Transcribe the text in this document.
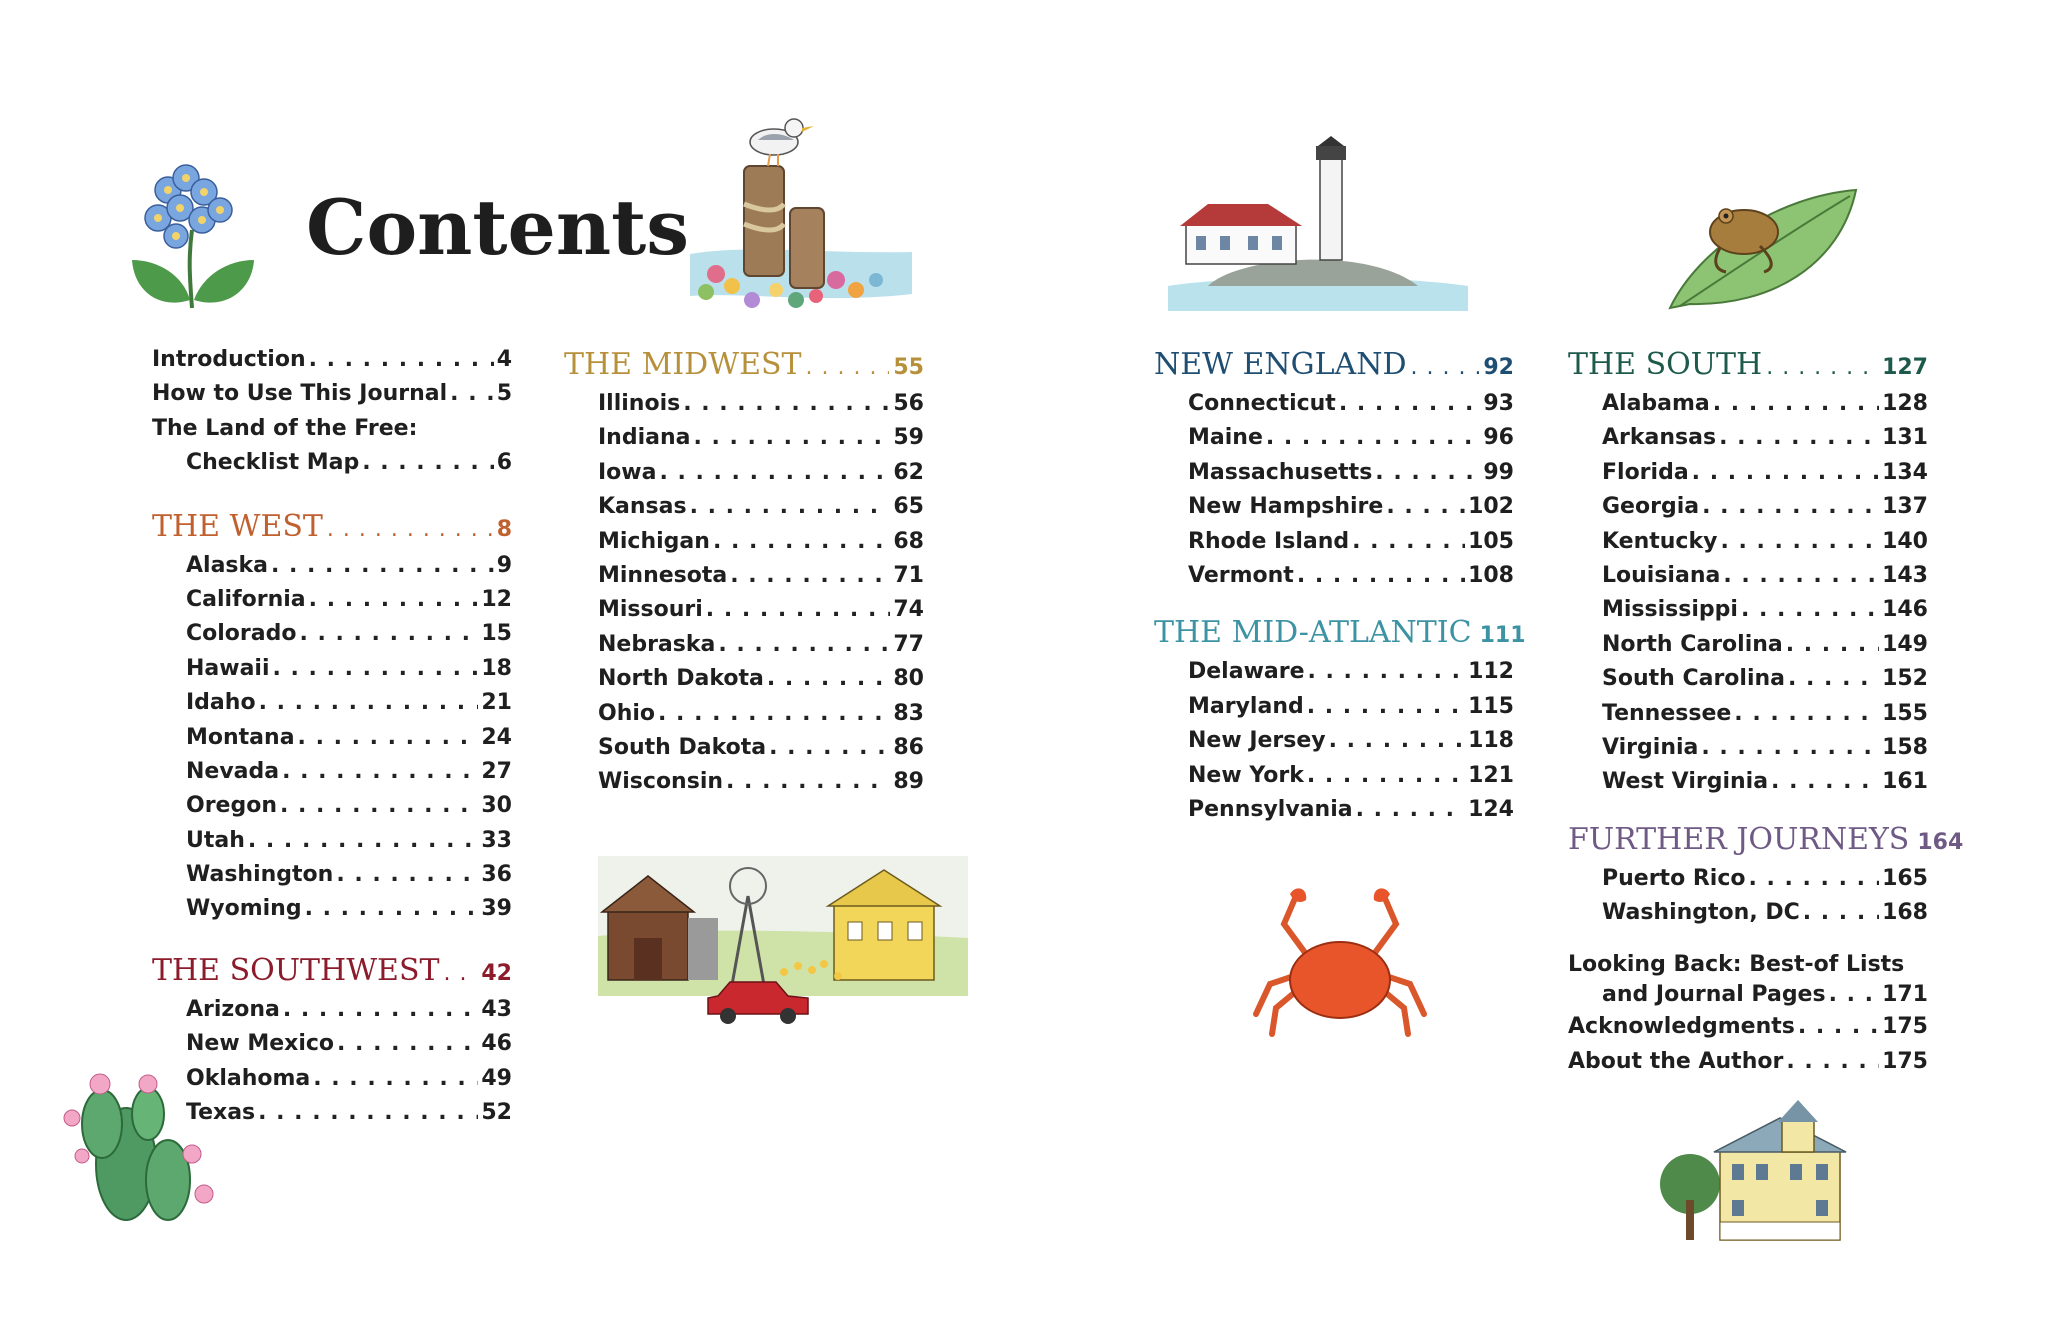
Contents
Introduction . . .	4
How to Use This Journal . . . 5
The Land of the Free:
Checklist Map . . .	6
THE WEST . . .	8
Alaska . . .	9
California . . .	12
Colorado . . .	15
Hawaii . . .	18
Idaho . . .	21
Montana . . .	24
Nevada . . .	27
Oregon . . .	30
Utah . . .	33
Washington . . .	36
Wyoming . . .	39
THE SOUTHWEST . . . 42
Arizona . . .	43
New Mexico . . .	46
Oklahoma . . .	49
Texas . . .	52
THE MIDWEST . . .	55
Illinois . . .	56
Indiana . . .	59
Iowa . . .	62
Kansas . . .	65
Michigan . . .	68
Minnesota . . .	71
Missouri . . .	74
Nebraska . . .	77
North Dakota . . .	80
Ohio . . .	83
South Dakota . . .	86
Wisconsin . . .	89
NEW ENGLAND . . .	92
Connecticut . . .	93
Maine . . .	96
Massachusetts . . .	99
New Hampshire . . .	102
Rhode Island . . .	105
Vermont . . .	108
THE MID-ATLANTIC 111
Delaware . . .	112
Maryland . . .	115
New Jersey . . .	118
New York . . .	121
Pennsylvania . . .	124
THE SOUTH . . .	127
Alabama . . .	128
Arkansas . . .	131
Florida . . .	134
Georgia . . .	137
Kentucky . . .	140
Louisiana . . .	143
Mississippi . . .	146
North Carolina . . .	149
South Carolina . . .	152
Tennessee . . .	155
Virginia . . .	158
West Virginia . . .	161
FURTHER JOURNEYS 164
Puerto Rico . . .	165
Washington, DC . . .	168
Looking Back: Best-of Lists
and Journal Pages . . .	171
Acknowledgments . . .	175
About the Author . . .	175
